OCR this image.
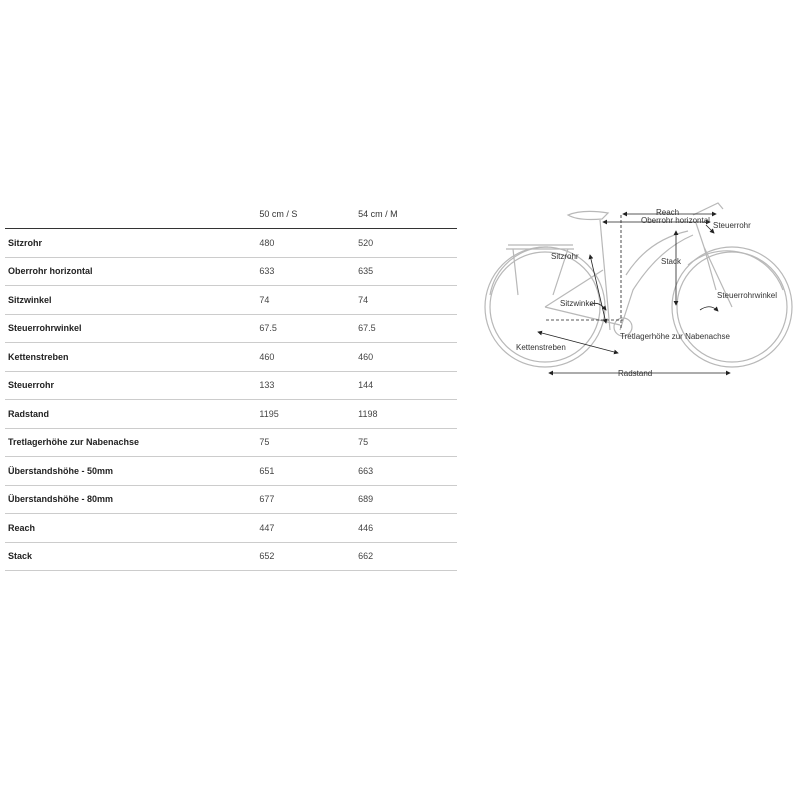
	50 cm / S	54 cm / M
Sitzrohr	480	520
Oberrohr horizontal	633	635
Sitzwinkel	74	74
Steuerrohrwinkel	67.5	67.5
Kettenstreben	460	460
Steuerrohr	133	144
Radstand	1195	1198
Tretlagerhöhe zur Nabenachse	75	75
Überstandshöhe - 50mm	651	663
Überstandshöhe - 80mm	677	689
Reach	447	446
Stack	652	662
Reach
Oberrohr horizontal
Steuerrohr
Sitzrohr
Stack
Sitzwinkel
Steuerrohrwinkel
Tretlagerhöhe zur Nabenachse
Kettenstreben
Radstand
